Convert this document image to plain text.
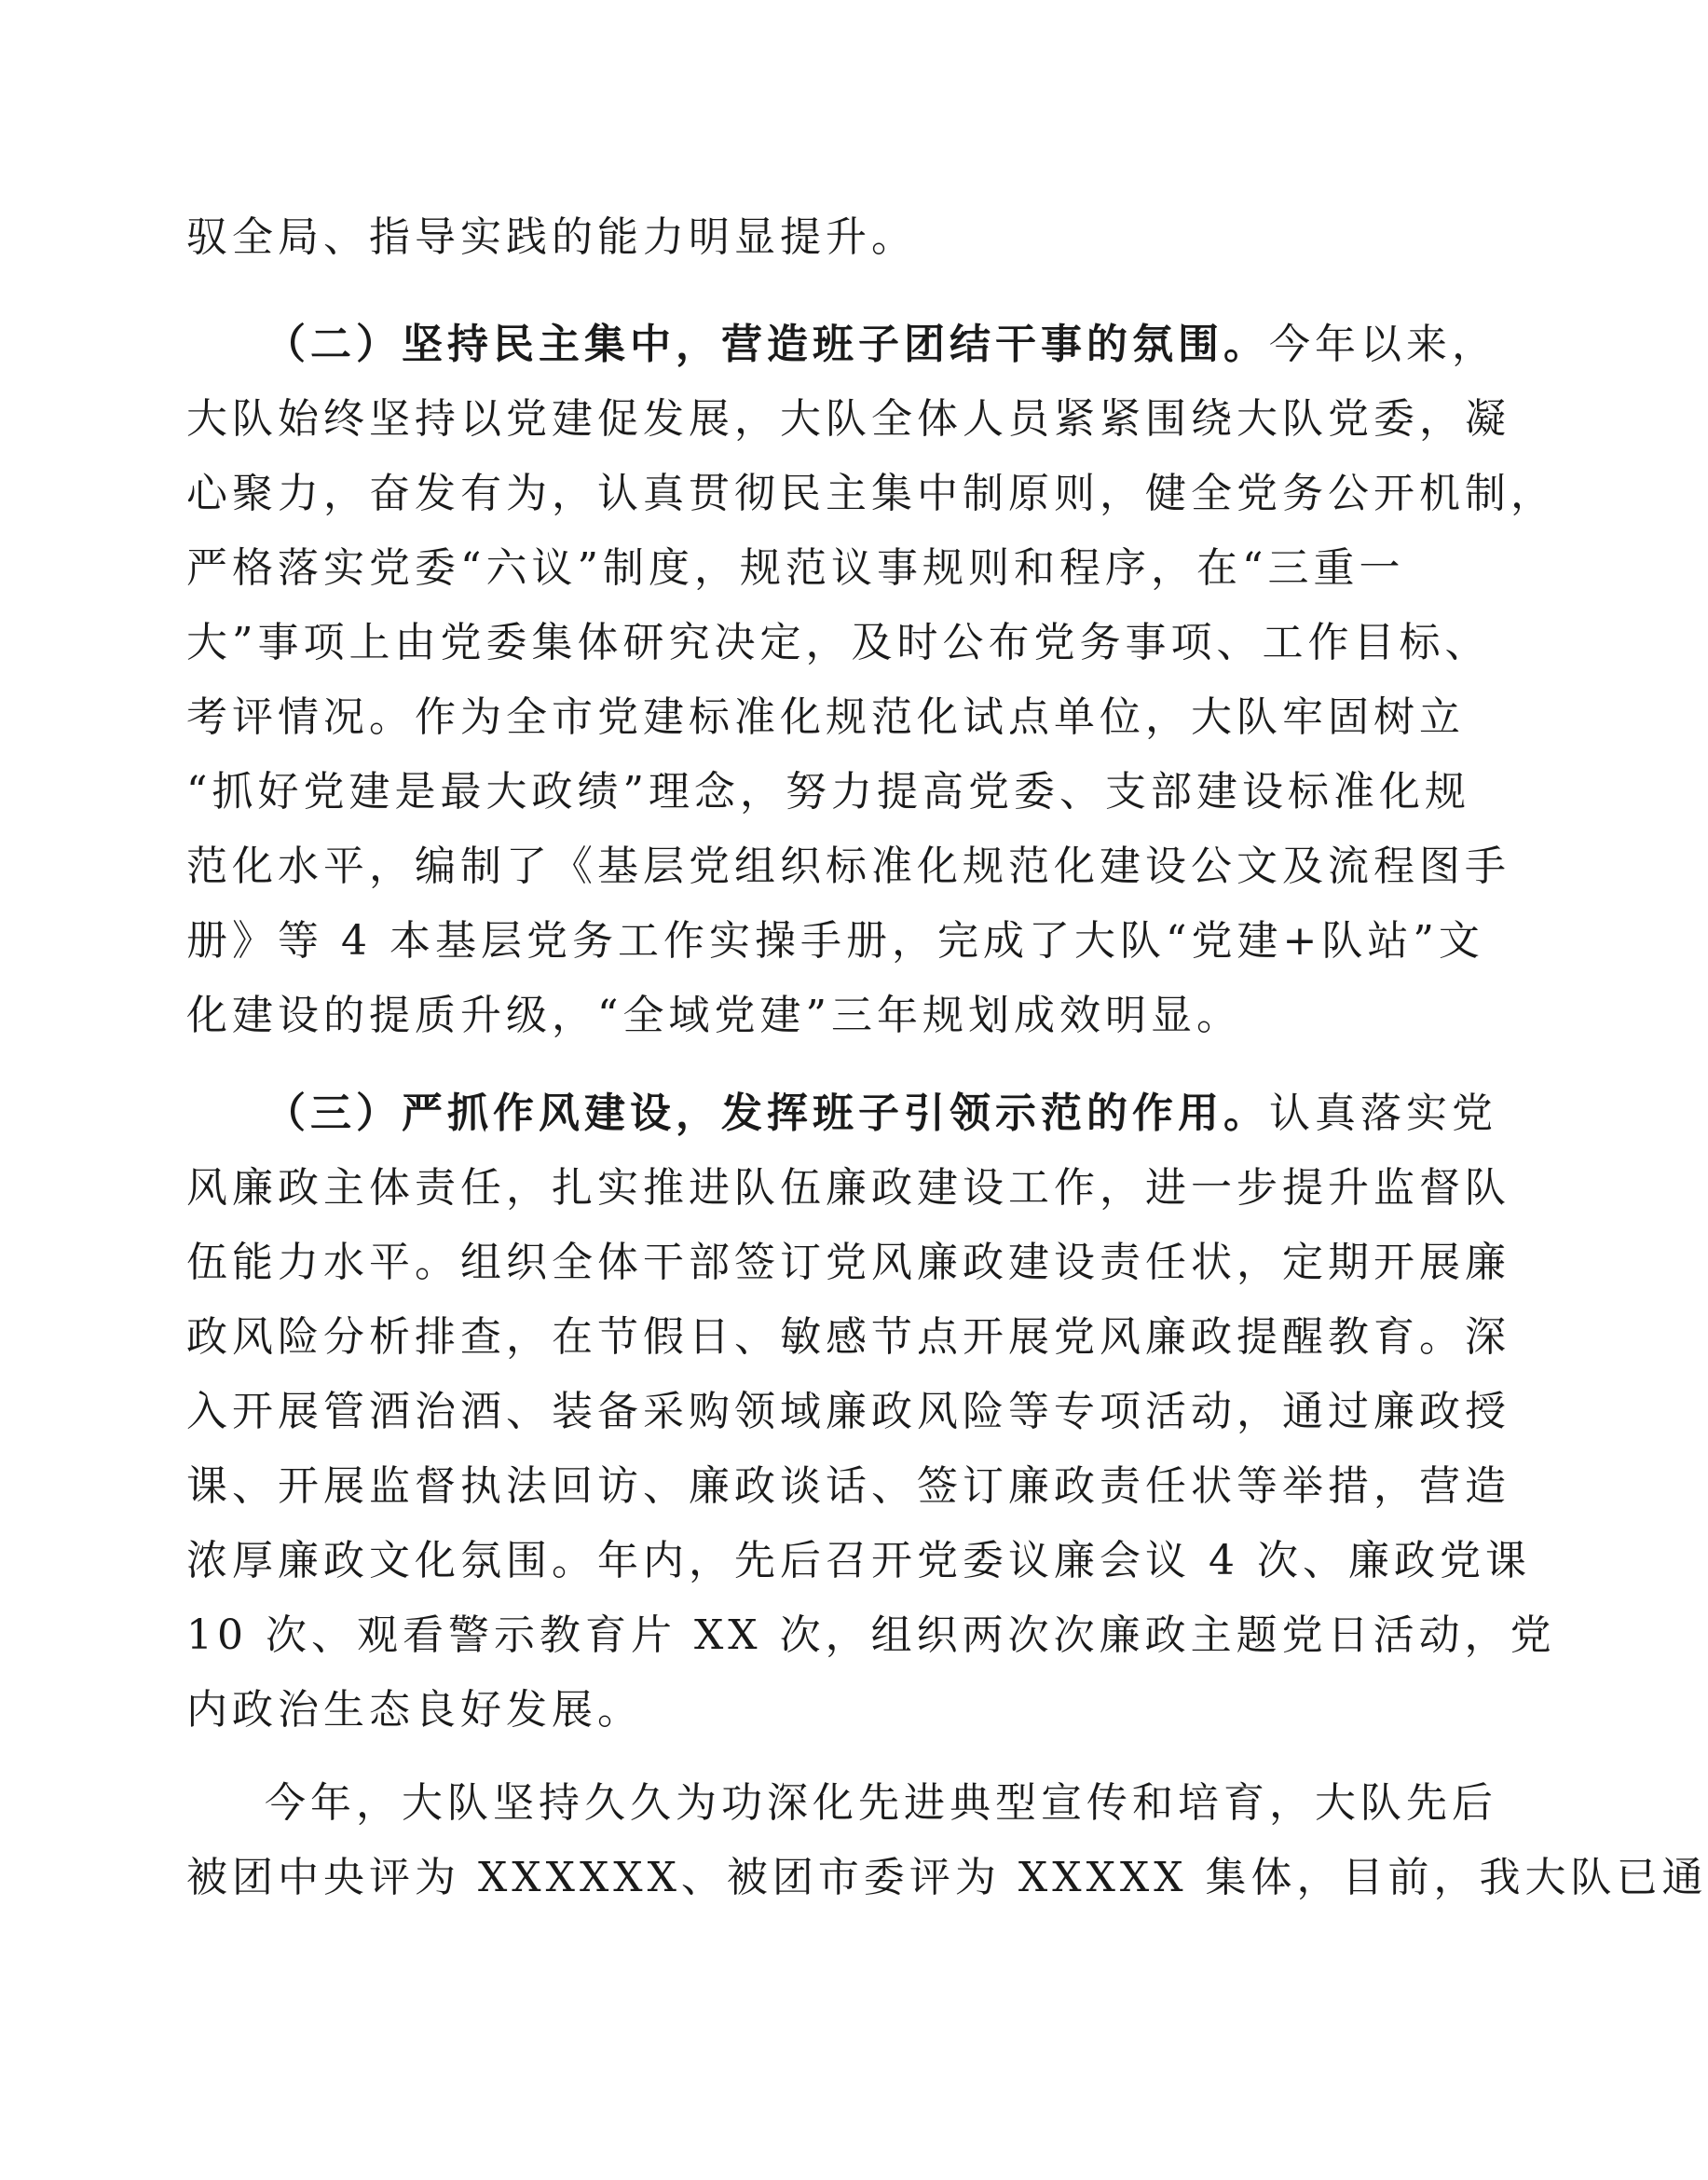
驭全局、指导实践的能力明显提升。
（二）坚持民主集中，营造班子团结干事的氛围。今年以来，
大队始终坚持以党建促发展，大队全体人员紧紧围绕大队党委，凝
心聚力，奋发有为，认真贯彻民主集中制原则，健全党务公开机制，
严格落实党委“六议”制度，规范议事规则和程序，在“三重一
大”事项上由党委集体研究决定，及时公布党务事项、工作目标、
考评情况。作为全市党建标准化规范化试点单位，大队牢固树立
“抓好党建是最大政绩”理念，努力提高党委、支部建设标准化规
范化水平，编制了《基层党组织标准化规范化建设公文及流程图手
册》等 4 本基层党务工作实操手册，完成了大队“党建+队站”文
化建设的提质升级，“全域党建”三年规划成效明显。
（三）严抓作风建设，发挥班子引领示范的作用。认真落实党
风廉政主体责任，扎实推进队伍廉政建设工作，进一步提升监督队
伍能力水平。组织全体干部签订党风廉政建设责任状，定期开展廉
政风险分析排查，在节假日、敏感节点开展党风廉政提醒教育。深
入开展管酒治酒、装备采购领域廉政风险等专项活动，通过廉政授
课、开展监督执法回访、廉政谈话、签订廉政责任状等举措，营造
浓厚廉政文化氛围。年内，先后召开党委议廉会议 4 次、廉政党课
10 次、观看警示教育片 XX 次，组织两次次廉政主题党日活动，党
内政治生态良好发展。
今年，大队坚持久久为功深化先进典型宣传和培育，大队先后
被团中央评为 XXXXXX、被团市委评为 XXXXX 集体，目前，我大队已通
